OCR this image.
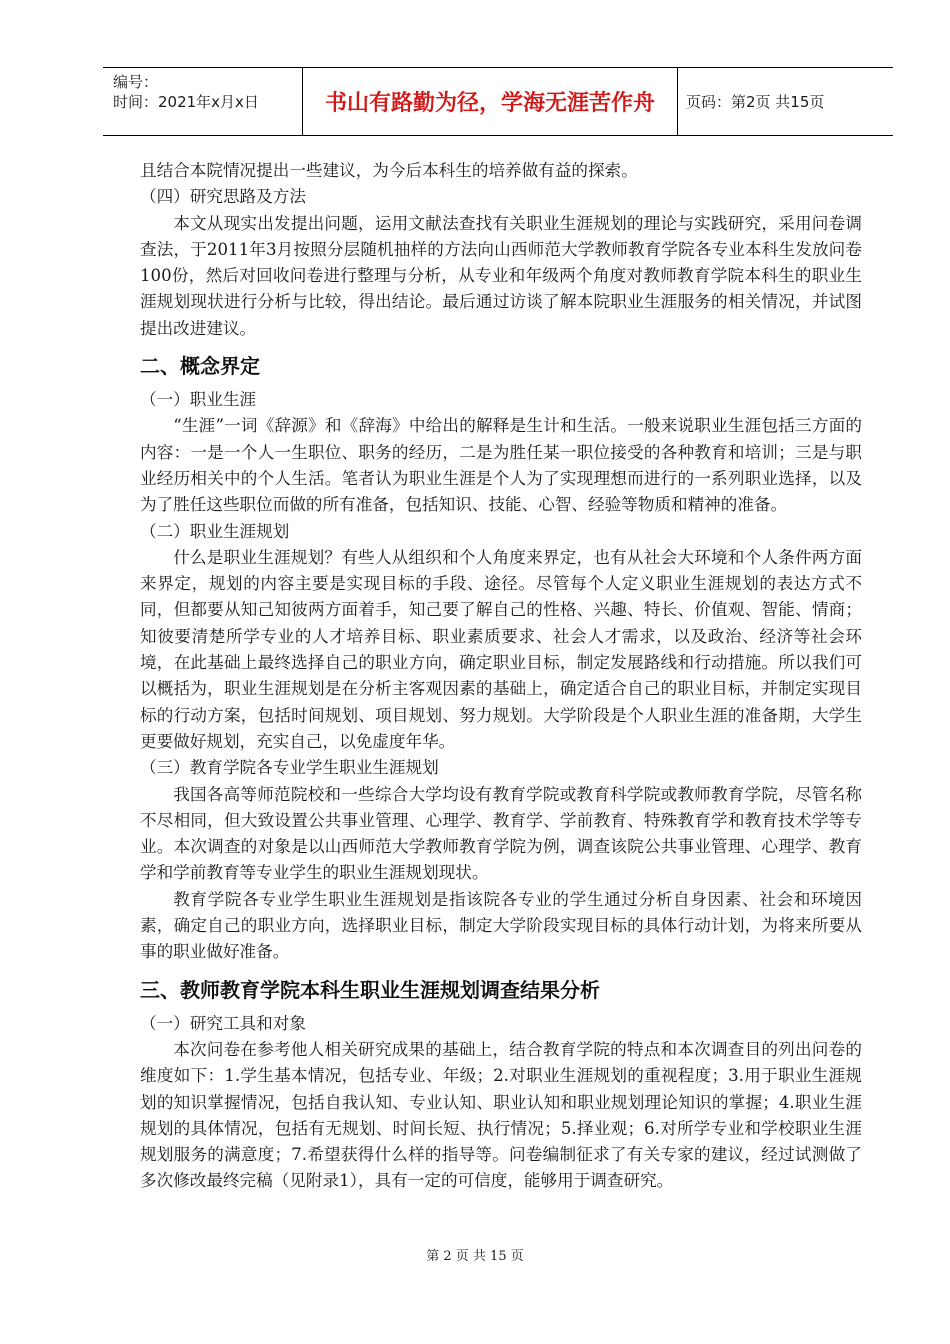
编号：
时间：2021年x月x日	书山有路勤为径，学海无涯苦作舟	页码：第2页 共15页

且结合本院情况提出一些建议，为今后本科生的培养做有益的探索。

（四）研究思路及方法

本文从现实出发提出问题，运用文献法查找有关职业生涯规划的理论与实践研究，采用问卷调查法，于2011年3月按照分层随机抽样的方法向山西师范大学教师教育学院各专业本科生发放问卷100份，然后对回收问卷进行整理与分析，从专业和年级两个角度对教师教育学院本科生的职业生涯规划现状进行分析与比较，得出结论。最后通过访谈了解本院职业生涯服务的相关情况，并试图提出改进建议。

二、概念界定

（一）职业生涯

“生涯”一词《辞源》和《辞海》中给出的解释是生计和生活。一般来说职业生涯包括三方面的内容：一是一个人一生职位、职务的经历，二是为胜任某一职位接受的各种教育和培训；三是与职业经历相关中的个人生活。笔者认为职业生涯是个人为了实现理想而进行的一系列职业选择，以及为了胜任这些职位而做的所有准备，包括知识、技能、心智、经验等物质和精神的准备。

（二）职业生涯规划

什么是职业生涯规划？有些人从组织和个人角度来界定，也有从社会大环境和个人条件两方面来界定，规划的内容主要是实现目标的手段、途径。尽管每个人定义职业生涯规划的表达方式不同，但都要从知己知彼两方面着手，知己要了解自己的性格、兴趣、特长、价值观、智能、情商；知彼要清楚所学专业的人才培养目标、职业素质要求、社会人才需求，以及政治、经济等社会环境，在此基础上最终选择自己的职业方向，确定职业目标，制定发展路线和行动措施。所以我们可以概括为，职业生涯规划是在分析主客观因素的基础上，确定适合自己的职业目标，并制定实现目标的行动方案，包括时间规划、项目规划、努力规划。大学阶段是个人职业生涯的准备期，大学生更要做好规划，充实自己，以免虚度年华。

（三）教育学院各专业学生职业生涯规划

我国各高等师范院校和一些综合大学均设有教育学院或教育科学院或教师教育学院，尽管名称不尽相同，但大致设置公共事业管理、心理学、教育学、学前教育、特殊教育学和教育技术学等专业。本次调查的对象是以山西师范大学教师教育学院为例，调查该院公共事业管理、心理学、教育学和学前教育等专业学生的职业生涯规划现状。

教育学院各专业学生职业生涯规划是指该院各专业的学生通过分析自身因素、社会和环境因素，确定自己的职业方向，选择职业目标，制定大学阶段实现目标的具体行动计划，为将来所要从事的职业做好准备。

三、教师教育学院本科生职业生涯规划调查结果分析

（一）研究工具和对象

本次问卷在参考他人相关研究成果的基础上，结合教育学院的特点和本次调查目的列出问卷的维度如下：1.学生基本情况，包括专业、年级；2.对职业生涯规划的重视程度；3.用于职业生涯规划的知识掌握情况，包括自我认知、专业认知、职业认知和职业规划理论知识的掌握；4.职业生涯规划的具体情况，包括有无规划、时间长短、执行情况；5.择业观；6.对所学专业和学校职业生涯规划服务的满意度；7.希望获得什么样的指导等。问卷编制征求了有关专家的建议，经过试测做了多次修改最终完稿（见附录1），具有一定的可信度，能够用于调查研究。

第 2 页 共 15 页
